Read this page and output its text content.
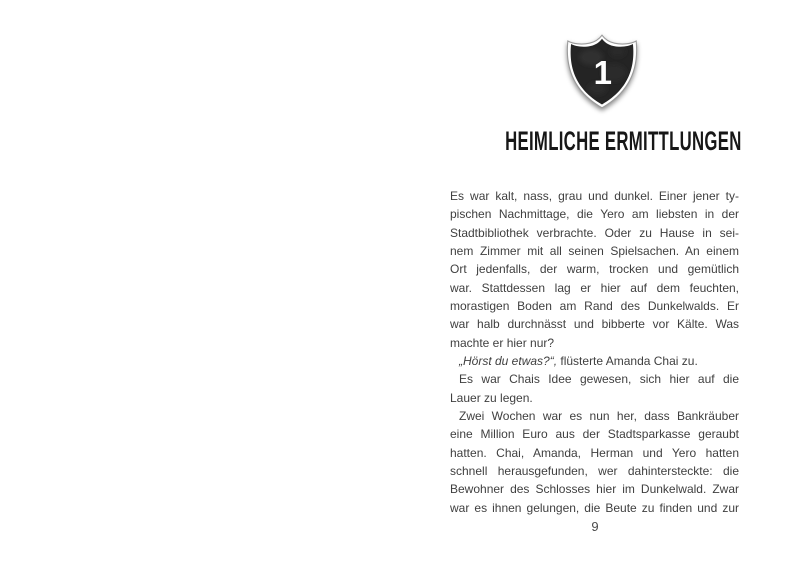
1
HEIMLICHE ERMITTLUNGEN
Es war kalt, nass, grau und dunkel. Einer jener ty-
pischen Nachmittage, die Yero am liebsten in der
Stadtbibliothek verbrachte. Oder zu Hause in sei-
nem Zimmer mit all seinen Spielsachen. An einem
Ort jedenfalls, der warm, trocken und gemütlich
war. Stattdessen lag er hier auf dem feuchten,
morastigen Boden am Rand des Dunkelwalds. Er
war halb durchnässt und bibberte vor Kälte. Was
machte er hier nur?
„Hörst du etwas?“, flüsterte Amanda Chai zu.
Es war Chais Idee gewesen, sich hier auf die
Lauer zu legen.
Zwei Wochen war es nun her, dass Bankräuber
eine Million Euro aus der Stadtsparkasse geraubt
hatten. Chai, Amanda, Herman und Yero hatten
schnell herausgefunden, wer dahintersteckte: die
Bewohner des Schlosses hier im Dunkelwald. Zwar
war es ihnen gelungen, die Beute zu finden und zur
9
